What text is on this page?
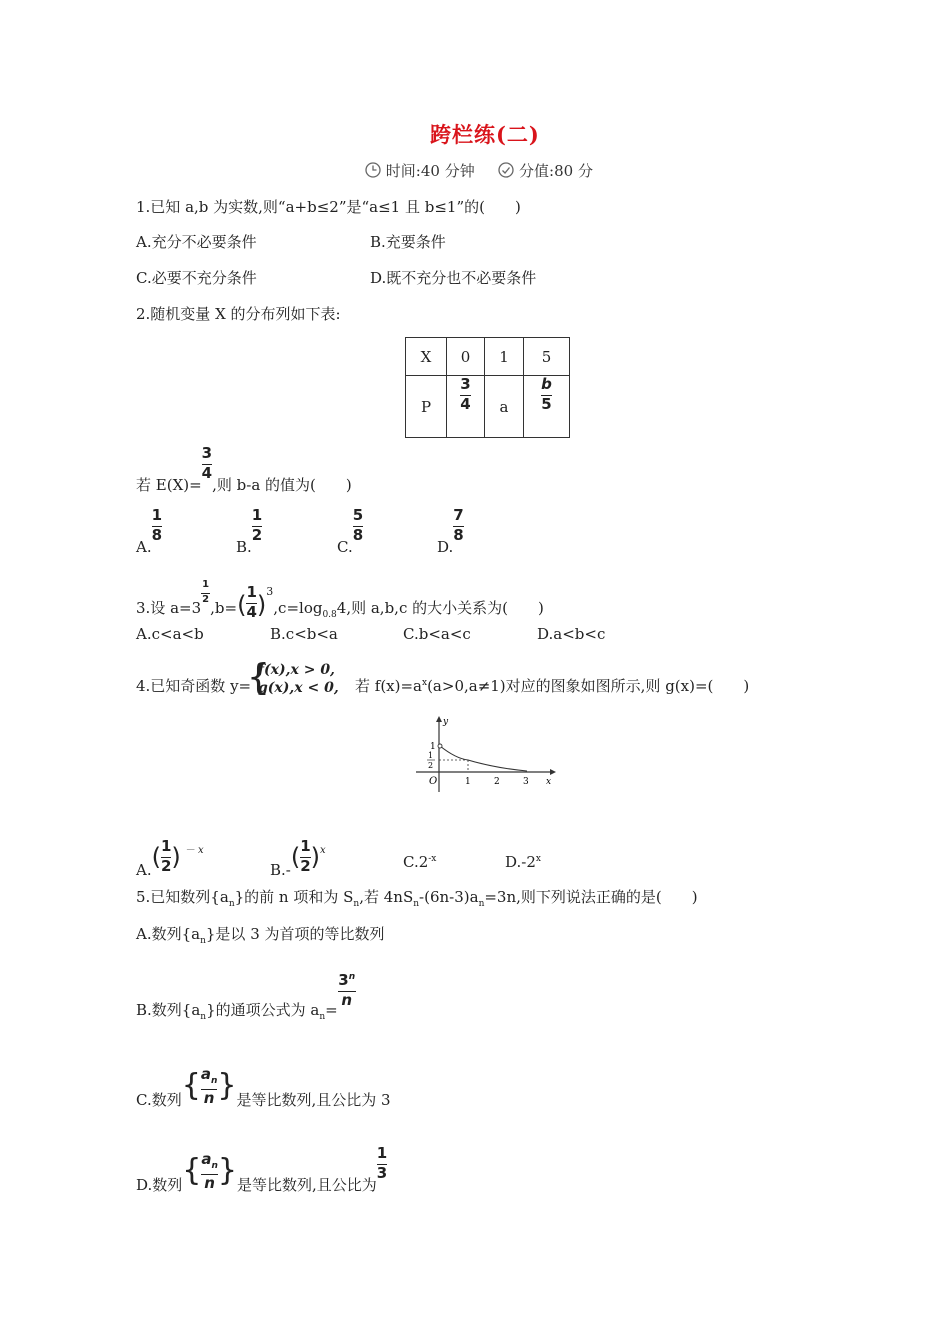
跨栏练(二)
时间:40 分钟	分值:80 分
1.已知 a,b 为实数,则“a+b≤2”是“a≤1 且 b≤1”的(　　)
A.充分不必要条件	B.充要条件
C.必要不充分条件	D.既不充分也不必要条件
2.随机变量 X 的分布列如下表:
X	0	1	5
P	$\frac{3}{4}$	a	$\frac{b}{5}$
若 E(X)=
$\frac{3}{4}$
,则 b-a 的值为(　　)
A.
$\frac{1}{8}$
B.
$\frac{1}{2}$
C.
$\frac{5}{8}$
D.
$\frac{7}{8}$
3.设 a=3
$\frac{1}{2}$
$,b=( \frac{1}{4} )^3,c=\log_{0.8}4$,则 a,b,c 的大小关系为(　　)
A.c<a<b	B.c<b<a	C.b<a<c	D.a<b<c
4.已知奇函数 y=
{
f(x),x > 0,
g(x),x < 0, 若 $f(x)=a^x(a>0,a\ne 1)$对应的图象如图所示,则 g(x)=(　　)
y
x
O
1
1
2
1	2	3
$A.( \frac{1}{2}$ ) $^{- x}$
$B.-( \frac{1}{2} )^x$
$C.2^{-x}$	D.-2$^x$
5.已知数列$\{a_n\}$的前 n 项和为 $S_n$,若 $4nS_n-(6n-3)a_n=3n$,则下列说法正确的是(　　)
A.数列$\{a_n\}$是以 3 为首项的等比数列
B.数列$\{a_n\}$的通项公式为 $a_n=$
$\frac{3^n}{n}$
C.数列{ $\frac{a_n}{n}$ }是等比数列,且公比为 3
D.数列{ $\frac{a_n}{n}$ }是等比数列,且公比为
$\frac{1}{3}$
